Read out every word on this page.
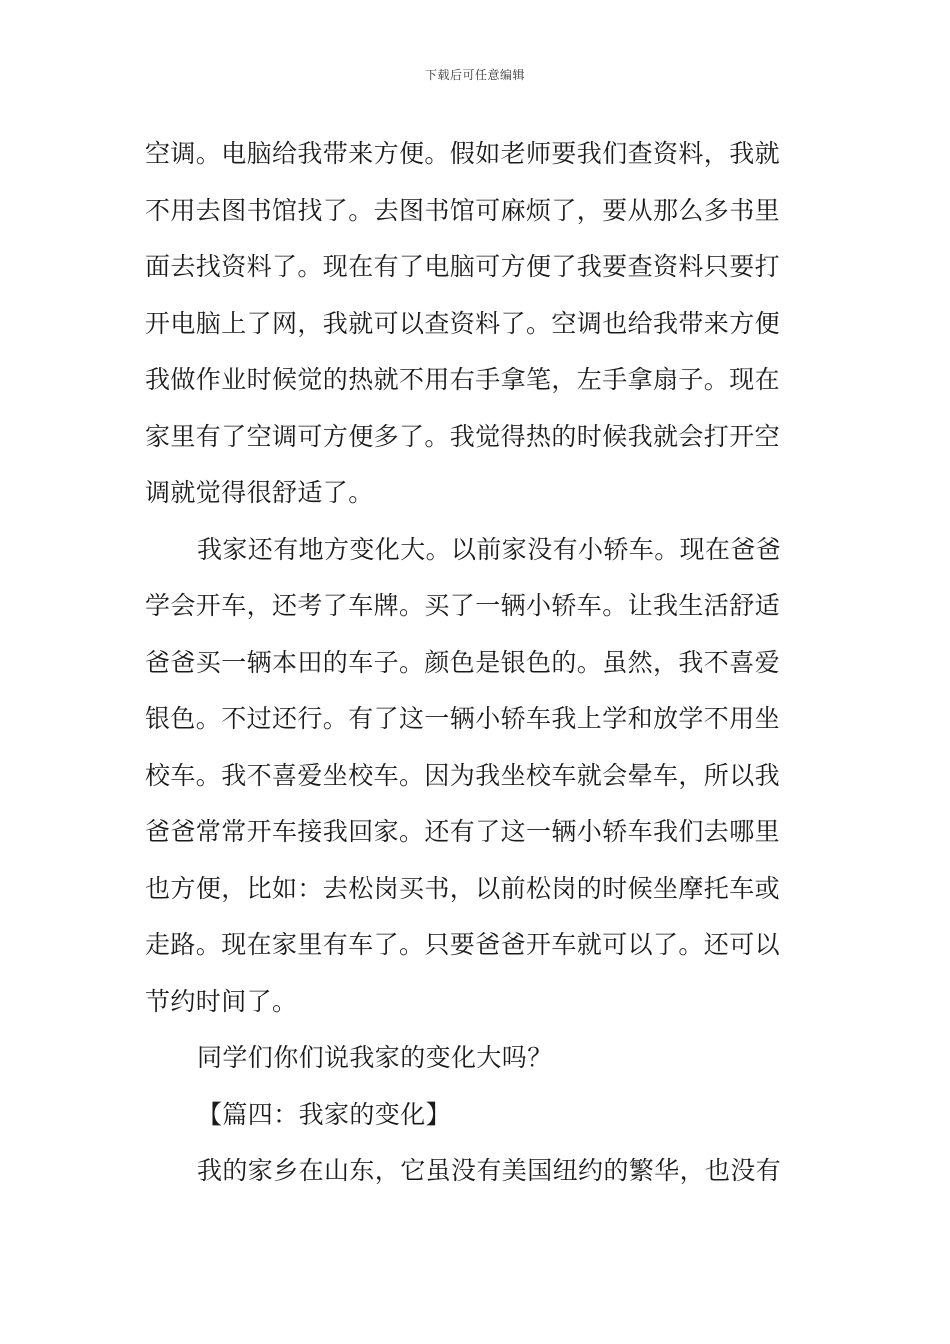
下载后可任意编辑
空调。电脑给我带来方便。假如老师要我们查资料，我就
不用去图书馆找了。去图书馆可麻烦了，要从那么多书里
面去找资料了。现在有了电脑可方便了我要查资料只要打
开电脑上了网，我就可以查资料了。空调也给我带来方便
我做作业时候觉的热就不用右手拿笔，左手拿扇子。现在
家里有了空调可方便多了。我觉得热的时候我就会打开空
调就觉得很舒适了。
我家还有地方变化大。以前家没有小轿车。现在爸爸
学会开车，还考了车牌。买了一辆小轿车。让我生活舒适
爸爸买一辆本田的车子。颜色是银色的。虽然，我不喜爱
银色。不过还行。有了这一辆小轿车我上学和放学不用坐
校车。我不喜爱坐校车。因为我坐校车就会晕车，所以我
爸爸常常开车接我回家。还有了这一辆小轿车我们去哪里
也方便，比如：去松岗买书，以前松岗的时候坐摩托车或
走路。现在家里有车了。只要爸爸开车就可以了。还可以
节约时间了。
同学们你们说我家的变化大吗？
【篇四：我家的变化】
我的家乡在山东，它虽没有美国纽约的繁华，也没有
